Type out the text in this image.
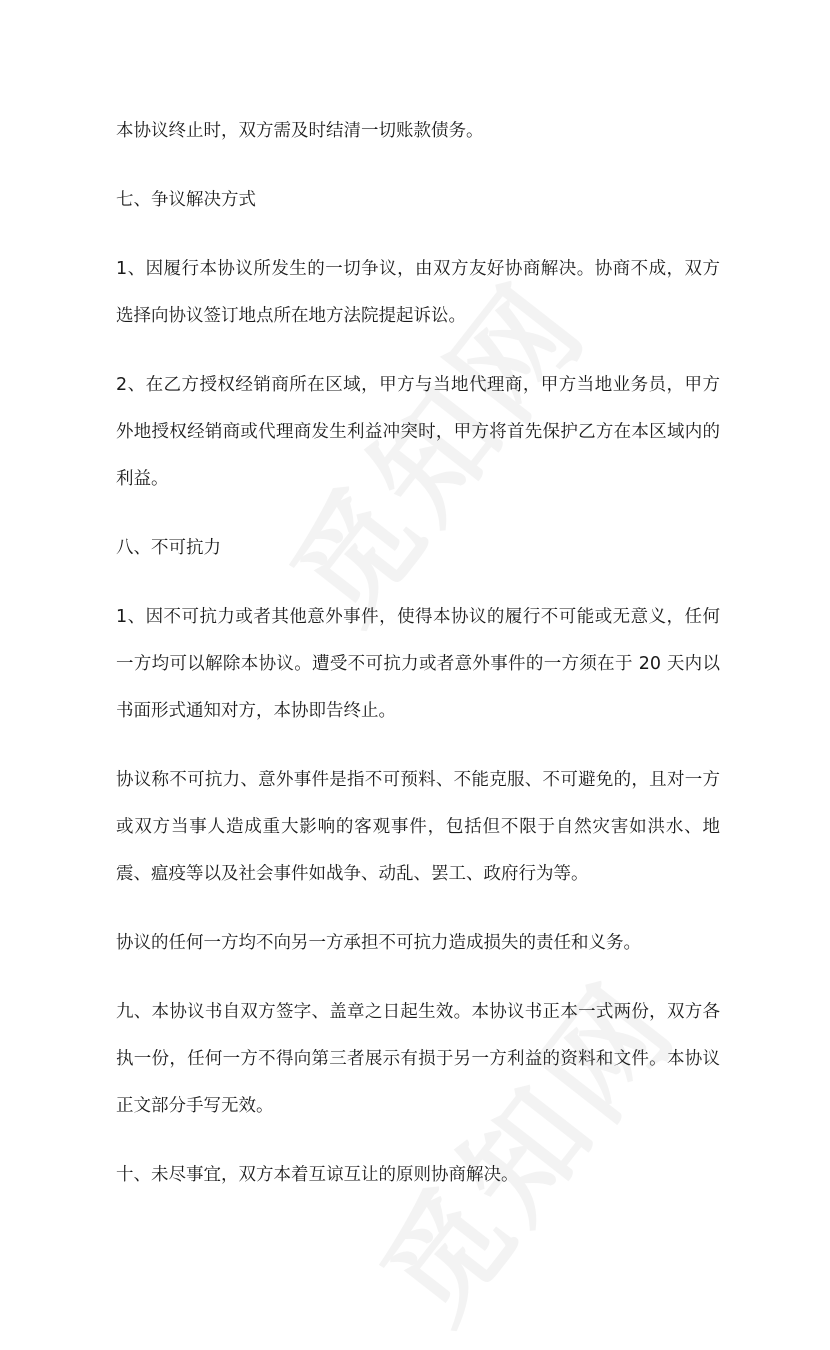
本协议终止时，双方需及时结清一切账款债务。

七、争议解决方式

1、因履行本协议所发生的一切争议，由双方友好协商解决。协商不成，双方选择向协议签订地点所在地方法院提起诉讼。

2、在乙方授权经销商所在区域，甲方与当地代理商，甲方当地业务员，甲方外地授权经销商或代理商发生利益冲突时，甲方将首先保护乙方在本区域内的利益。

八、不可抗力

1、因不可抗力或者其他意外事件，使得本协议的履行不可能或无意义，任何一方均可以解除本协议。遭受不可抗力或者意外事件的一方须在于 20 天内以书面形式通知对方，本协即告终止。

协议称不可抗力、意外事件是指不可预料、不能克服、不可避免的，且对一方或双方当事人造成重大影响的客观事件，包括但不限于自然灾害如洪水、地震、瘟疫等以及社会事件如战争、动乱、罢工、政府行为等。

协议的任何一方均不向另一方承担不可抗力造成损失的责任和义务。

九、本协议书自双方签字、盖章之日起生效。本协议书正本一式两份，双方各执一份，任何一方不得向第三者展示有损于另一方利益的资料和文件。本协议正文部分手写无效。

十、未尽事宜，双方本着互谅互让的原则协商解决。
